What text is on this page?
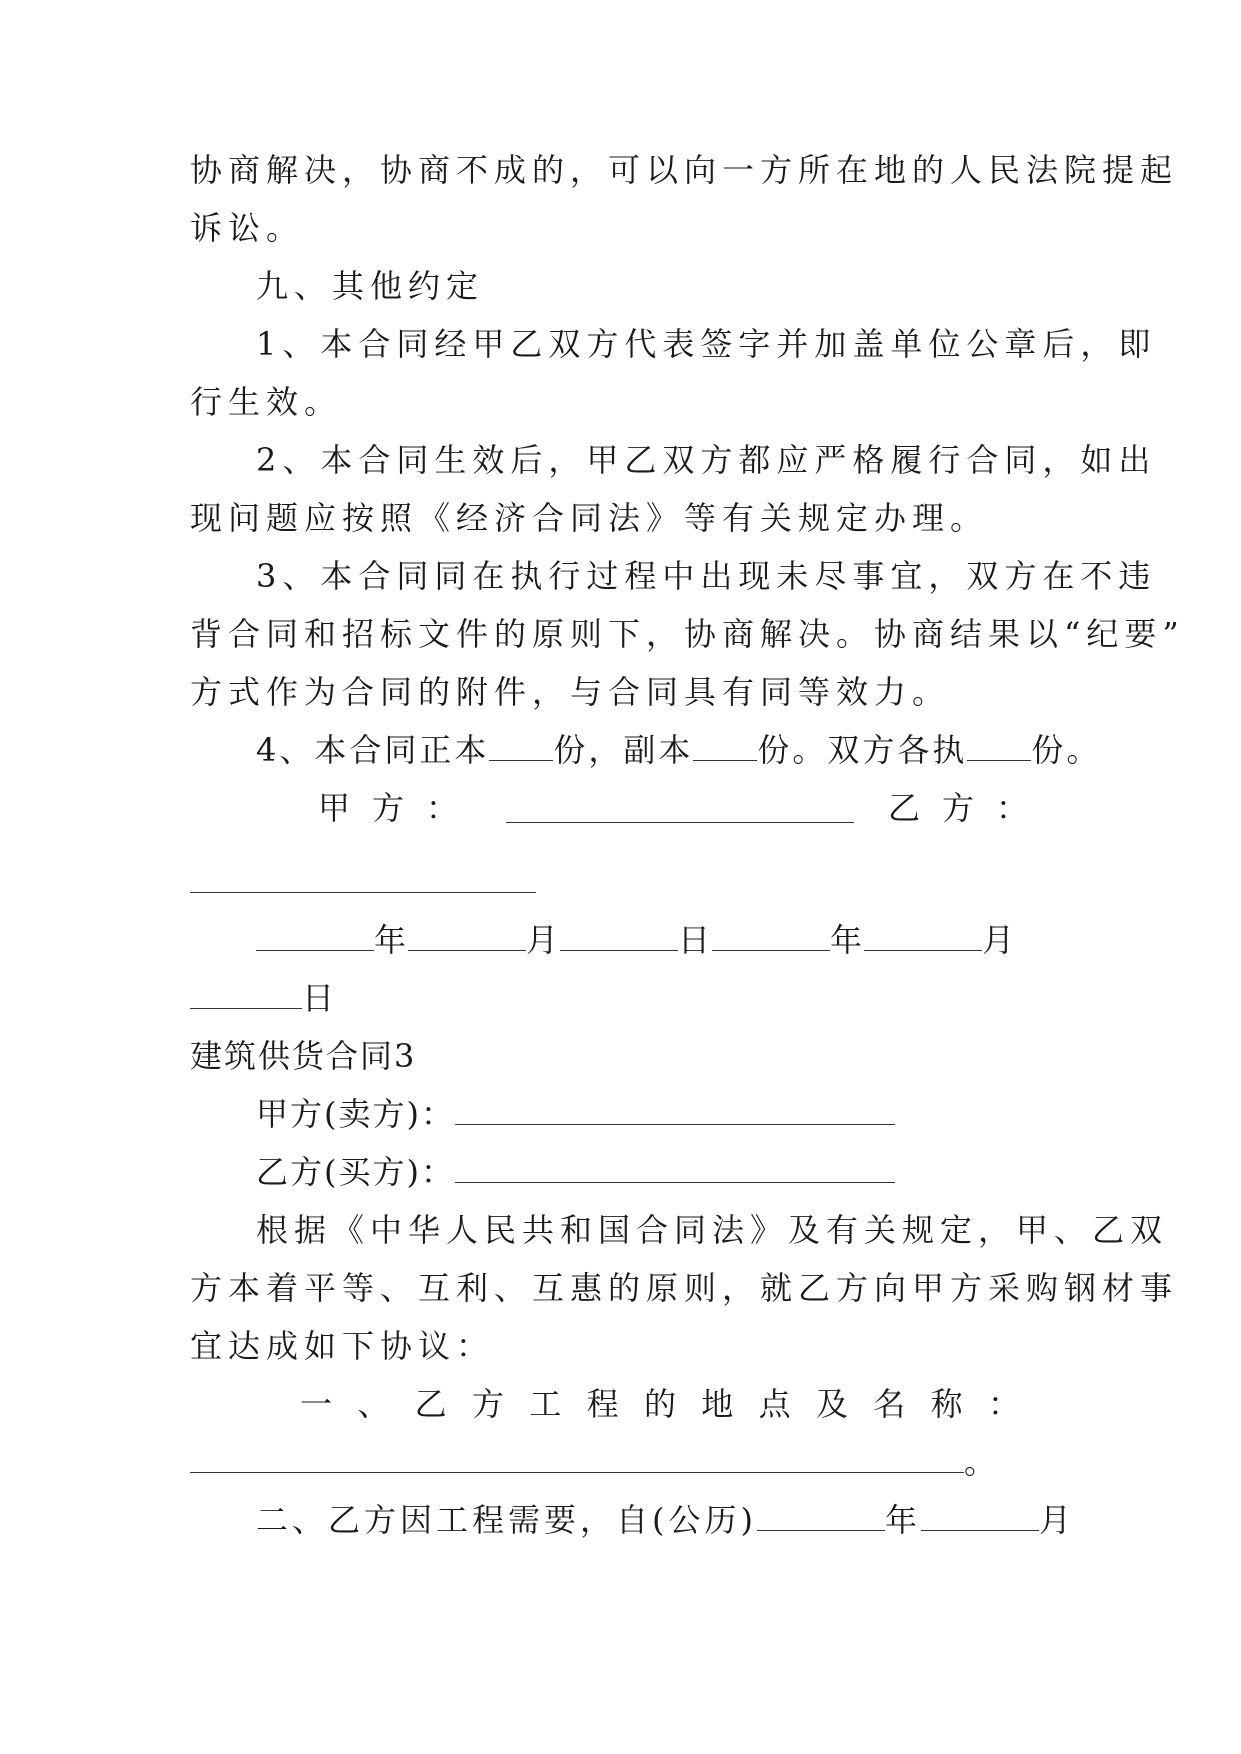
协商解决，协商不成的，可以向一方所在地的人民法院提起
诉讼。
九、其他约定
1、本合同经甲乙双方代表签字并加盖单位公章后，即
行生效。
2、本合同生效后，甲乙双方都应严格履行合同，如出
现问题应按照《经济合同法》等有关规定办理。
3、本合同同在执行过程中出现未尽事宜，双方在不违
背合同和招标文件的原则下，协商解决。协商结果以“纪要”
方式作为合同的附件，与合同具有同等效力。
4、本合同正本 份，副本 份。双方各执 份。
甲 方 ：	乙 方 ：
年	月	日	年	月
日
建筑供货合同3
甲方(卖方)：
乙方(买方)：
根据《中华人民共和国合同法》及有关规定，甲、乙双
方本着平等、互利、互惠的原则，就乙方向甲方采购钢材事
宜达成如下协议：
一 、 乙 方 工 程 的 地 点 及 名 称 ：
。
二、乙方因工程需要，自(公历)	年	月
